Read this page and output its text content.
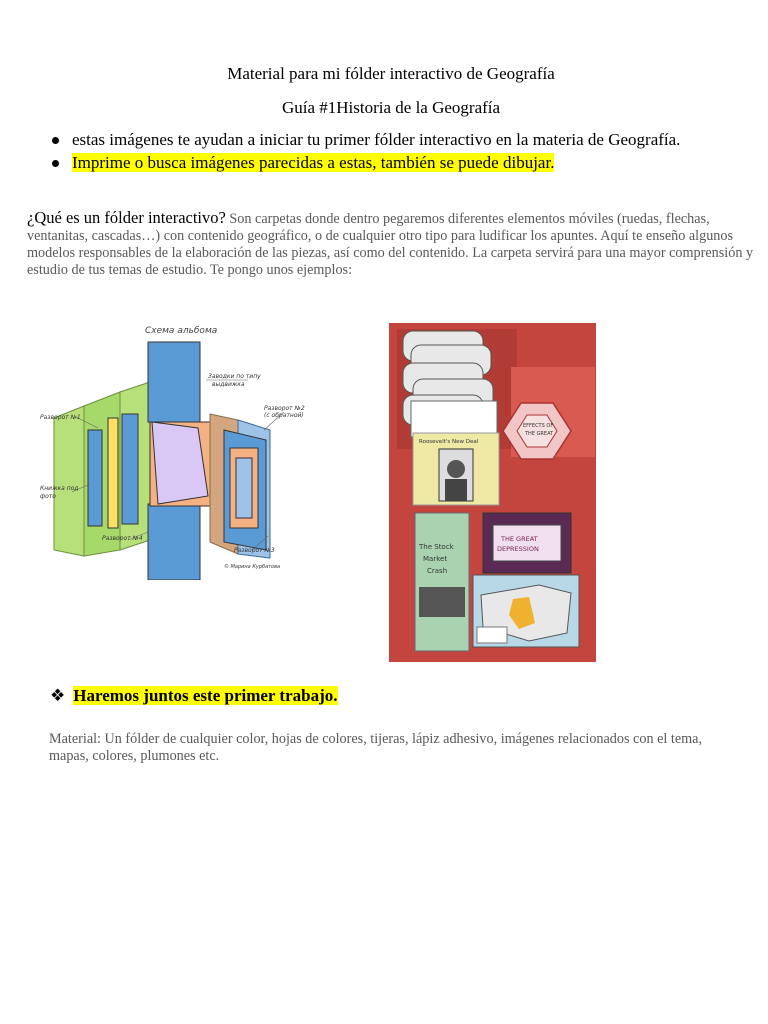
Material para mi fólder interactivo de Geografía
Guía #1Historia de la Geografía
estas imágenes te ayudan a iniciar tu primer fólder interactivo en la materia de Geografía.
Imprime o busca imágenes parecidas a estas, también se puede dibujar.
¿Qué es un fólder interactivo? Son carpetas donde dentro pegaremos diferentes elementos móviles (ruedas, flechas, ventanitas, cascadas…) con contenido geográfico, o de cualquier otro tipo para ludificar los apuntes. Aquí te enseño algunos modelos responsables de la elaboración de las piezas, así como del contenido. La carpeta servirá para una mayor comprensión y estudio de tus temas de estudio. Te pongo unos ejemplos:
Схема альбома
Разворот №1
Разворот №2
(с обратной)
Заводки по типу
выдвижка
Книжка под
фото
Разворот №4
Разворот №3
© Марина Курбатова
Roosevelt's New Deal
EFFECTS OF
THE GREAT
The Stock
Market
Crash
THE GREAT
DEPRESSION
❖ Haremos juntos este primer trabajo.
Material: Un fólder de cualquier color, hojas de colores, tijeras, lápiz adhesivo, imágenes relacionados con el tema, mapas, colores, plumones etc.
